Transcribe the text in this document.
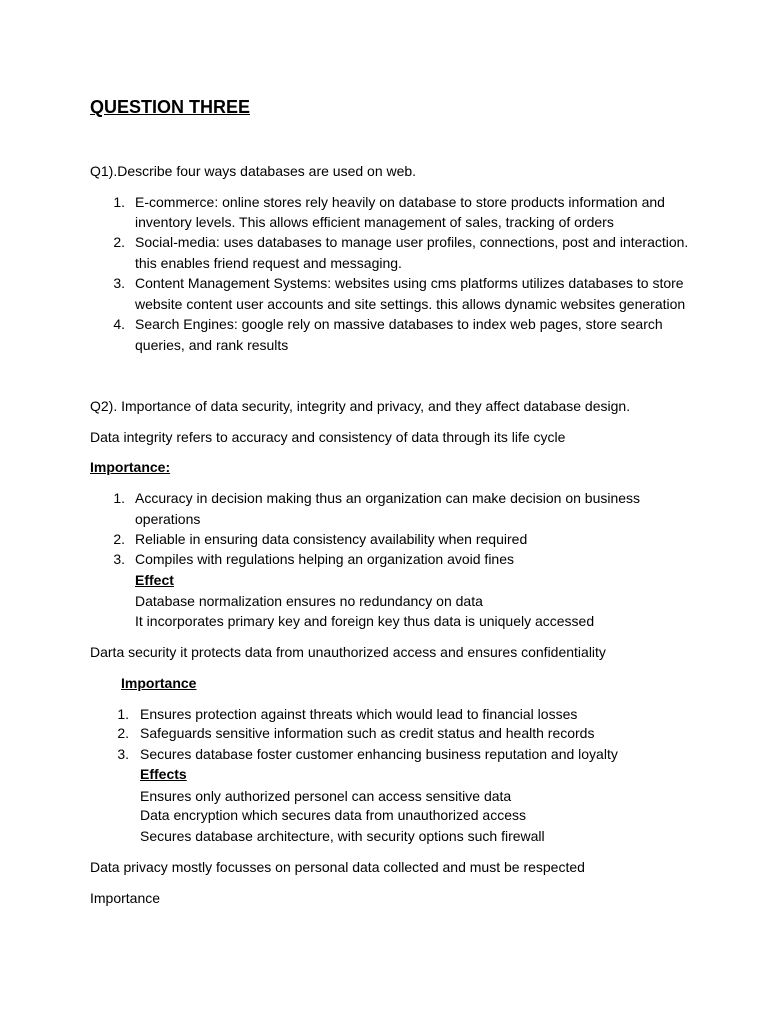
QUESTION THREE
Q1).Describe four ways databases are used on web.
1. E-commerce: online stores rely heavily on database to store products information and
inventory levels. This allows efficient management of sales, tracking of orders
2. Social-media: uses databases to manage user profiles, connections, post and interaction.
this enables friend request and messaging.
3. Content Management Systems: websites using cms platforms utilizes databases to store
website content user accounts and site settings. this allows dynamic websites generation
4. Search Engines: google rely on massive databases to index web pages, store search
queries, and rank results
Q2). Importance of data security, integrity and privacy, and they affect database design.
Data integrity refers to accuracy and consistency of data through its life cycle
Importance:
1. Accuracy in decision making thus an organization can make decision on business
operations
2. Reliable in ensuring data consistency availability when required
3. Compiles with regulations helping an organization avoid fines
Effect
Database normalization ensures no redundancy on data
It incorporates primary key and foreign key thus data is uniquely accessed
Darta security it protects data from unauthorized access and ensures confidentiality
Importance
1. Ensures protection against threats which would lead to financial losses
2. Safeguards sensitive information such as credit status and health records
3. Secures database foster customer enhancing business reputation and loyalty
Effects
Ensures only authorized personel can access sensitive data
Data encryption which secures data from unauthorized access
Secures database architecture, with security options such firewall
Data privacy mostly focusses on personal data collected and must be respected
Importance
